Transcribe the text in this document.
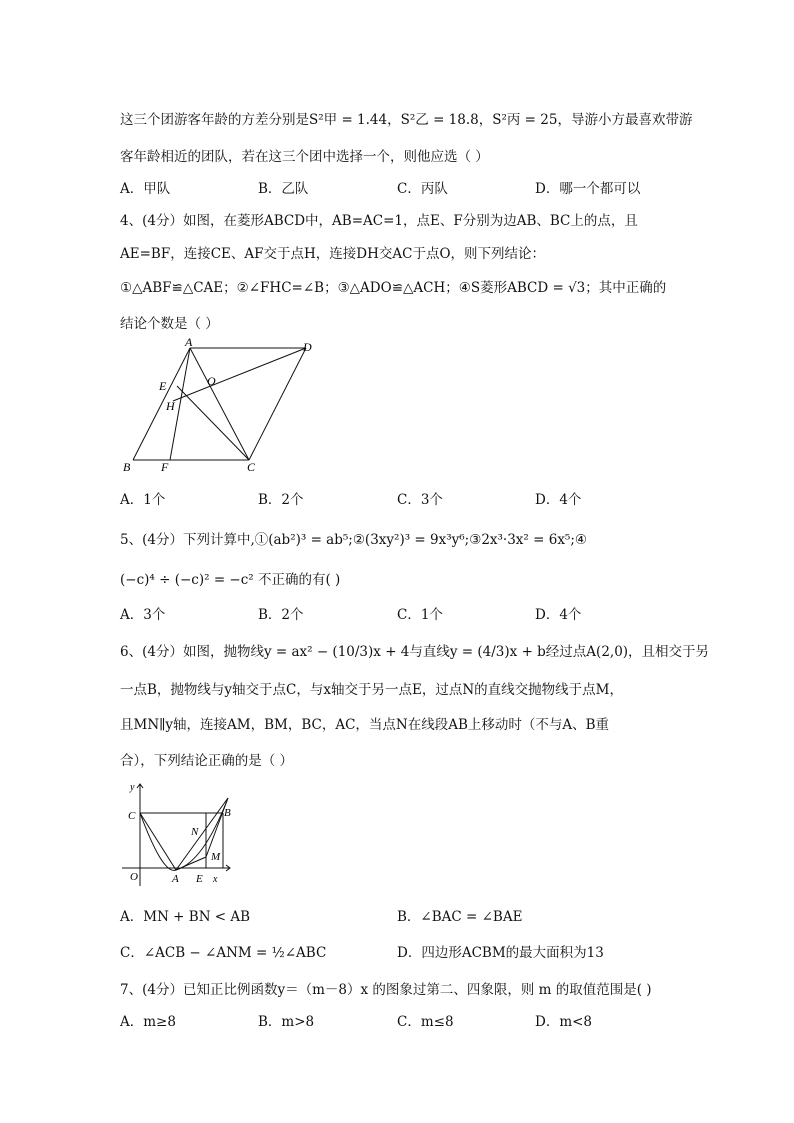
这三个团游客年龄的方差分别是S²甲 = 1.44，S²乙 = 18.8，S²丙 = 25，导游小方最喜欢带游
客年龄相近的团队，若在这三个团中选择一个，则他应选（ ）
A．甲队	B．乙队	C．丙队	D．哪一个都可以
4、(4分）如图，在菱形ABCD中，AB=AC=1，点E、F分别为边AB、BC上的点，且
AE=BF，连接CE、AF交于点H，连接DH交AC于点O，则下列结论：
①△ABF≌△CAE；②∠FHC=∠B；③△ADO≌△ACH；④S菱形ABCD = √3；其中正确的
结论个数是（ ）
A	D
E	O
H
B	F	C
A．1个	B．2个	C．3个	D．4个
5、(4分）下列计算中,①(ab²)³ = ab⁵;②(3xy²)³ = 9x³y⁶;③2x³·3x² = 6x⁵;④
(−c)⁴ ÷ (−c)² = −c² 不正确的有( )
A．3个	B．2个	C．1个	D．4个
6、(4分）如图，抛物线y = ax² − (10/3)x + 4与直线y = (4/3)x + b经过点A(2,0)，且相交于另
一点B，抛物线与y轴交于点C，与x轴交于另一点E，过点N的直线交抛物线于点M，
且MN∥y轴，连接AM，BM，BC，AC，当点N在线段AB上移动时（不与A、B重
合），下列结论正确的是（ ）
y
C	B
N
M
O	A E x
A．MN + BN < AB	B．∠BAC = ∠BAE
C．∠ACB − ∠ANM = ½∠ABC	D．四边形ACBM的最大面积为13
7、(4分）已知正比例函数y＝（m－8）x 的图象过第二、四象限，则 m 的取值范围是( )
A．m≥8	B．m>8	C．m≤8	D．m<8
